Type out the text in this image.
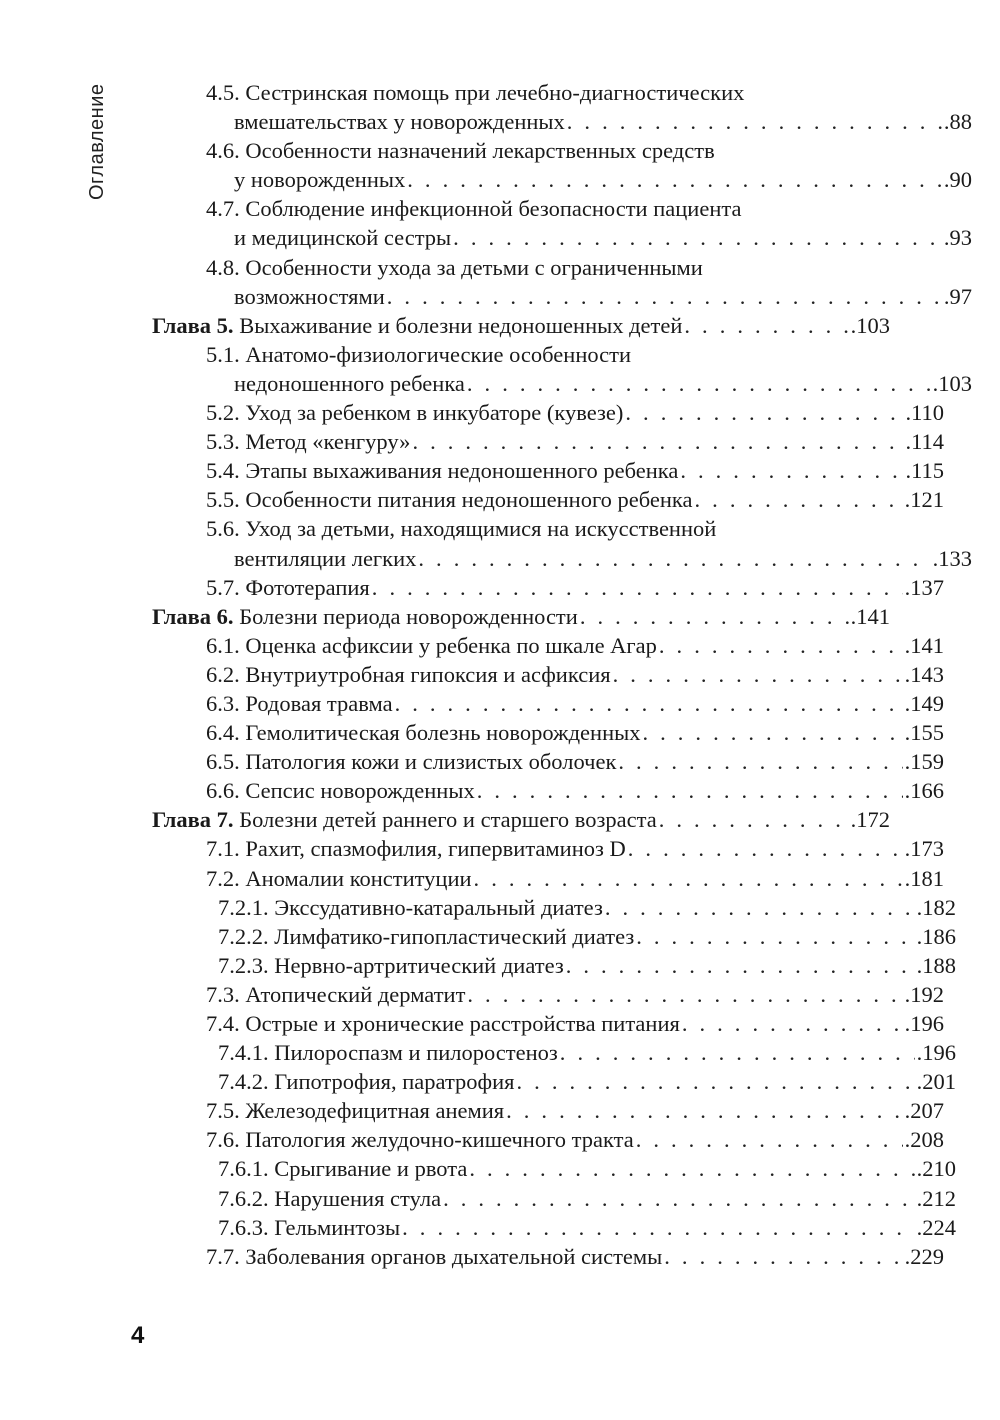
Оглавление	4.5. Сестринская помощь при лечебно-диагностических
вмешательствах у новорожденных . . .	.88
4.6. Особенности назначений лекарственных средств
у новорожденных . . .	.90
4.7. Соблюдение инфекционной безопасности пациента
и медицинской сестры . . .	.93
4.8. Особенности ухода за детьми с ограниченными
возможностями . . .	.97
Глава 5. Выхаживание и болезни недоношенных детей . . .	.103
5.1. Анатомо-физиологические особенности
недоношенного ребенка . . .	.103
5.2. Уход за ребенком в инкубаторе (кувезе) . . .	.110
5.3. Метод «кенгуру» . . .	.114
5.4. Этапы выхаживания недоношенного ребенка . . .	.115
5.5. Особенности питания недоношенного ребенка . . .	.121
5.6. Уход за детьми, находящимися на искусственной
вентиляции легких . . .	.133
5.7. Фототерапия . . .	.137
Глава 6. Болезни периода новорожденности . . .	.141
6.1. Оценка асфиксии у ребенка по шкале Агар . . .	.141
6.2. Внутриутробная гипоксия и асфиксия . . .	.143
6.3. Родовая травма . . .	.149
6.4. Гемолитическая болезнь новорожденных . . .	.155
6.5. Патология кожи и слизистых оболочек . . .	.159
6.6. Сепсис новорожденных . . .	.166
Глава 7. Болезни детей раннего и старшего возраста . . .	.172
7.1. Рахит, спазмофилия, гипервитаминоз D . . .	.173
7.2. Аномалии конституции . . .	.181
7.2.1. Экссудативно-катаральный диатез . . .	.182
7.2.2. Лимфатико-гипопластический диатез . . .	.186
7.2.3. Нервно-артритический диатез . . .	.188
7.3. Атопический дерматит . . .	.192
7.4. Острые и хронические расстройства питания . . .	.196
7.4.1. Пилороспазм и пилоростеноз . . .	.196
7.4.2. Гипотрофия, паратрофия . . .	.201
7.5. Железодефицитная анемия . . .	.207
7.6. Патология желудочно-кишечного тракта . . .	.208
7.6.1. Срыгивание и рвота . . .	.210
7.6.2. Нарушения стула . . .	.212
7.6.3. Гельминтозы . . .	.224
7.7. Заболевания органов дыхательной системы . . .	.229
4
